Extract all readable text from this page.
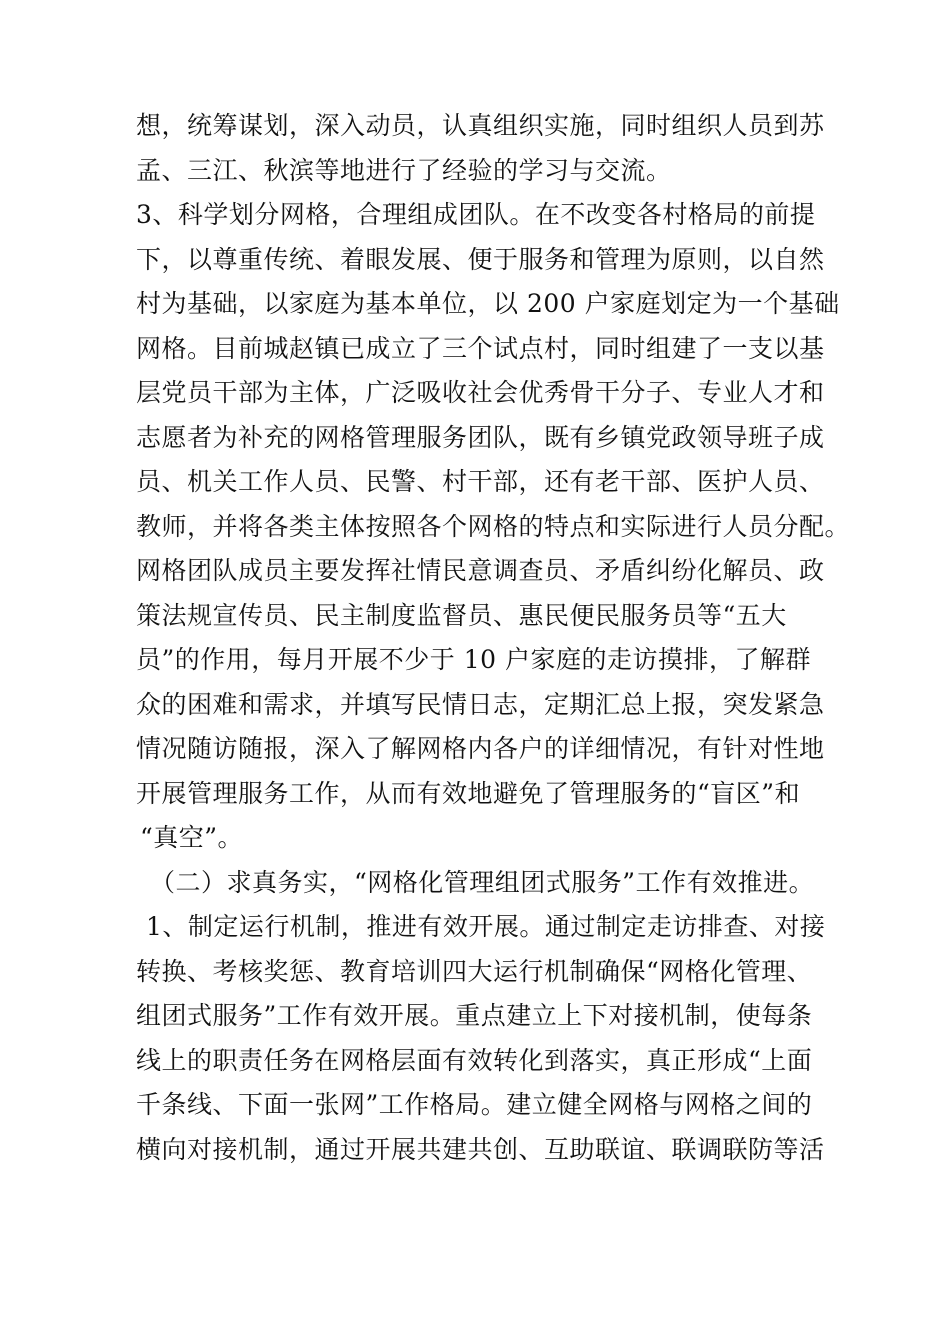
想，统筹谋划，深入动员，认真组织实施，同时组织人员到苏
孟、三江、秋滨等地进行了经验的学习与交流。
3、科学划分网格，合理组成团队。在不改变各村格局的前提
下，以尊重传统、着眼发展、便于服务和管理为原则，以自然
村为基础，以家庭为基本单位，以 200 户家庭划定为一个基础
网格。目前城赵镇已成立了三个试点村，同时组建了一支以基
层党员干部为主体，广泛吸收社会优秀骨干分子、专业人才和
志愿者为补充的网格管理服务团队，既有乡镇党政领导班子成
员、机关工作人员、民警、村干部，还有老干部、医护人员、
教师，并将各类主体按照各个网格的特点和实际进行人员分配。
网格团队成员主要发挥社情民意调查员、矛盾纠纷化解员、政
策法规宣传员、民主制度监督员、惠民便民服务员等“五大
员”的作用，每月开展不少于 10 户家庭的走访摸排，了解群
众的困难和需求，并填写民情日志，定期汇总上报，突发紧急
情况随访随报，深入了解网格内各户的详细情况，有针对性地
开展管理服务工作，从而有效地避免了管理服务的“盲区”和
“真空”。
（二）求真务实，“网格化管理组团式服务”工作有效推进。
1、制定运行机制，推进有效开展。通过制定走访排查、对接
转换、考核奖惩、教育培训四大运行机制确保“网格化管理、
组团式服务”工作有效开展。重点建立上下对接机制，使每条
线上的职责任务在网格层面有效转化到落实，真正形成“上面
千条线、下面一张网”工作格局。建立健全网格与网格之间的
横向对接机制，通过开展共建共创、互助联谊、联调联防等活
